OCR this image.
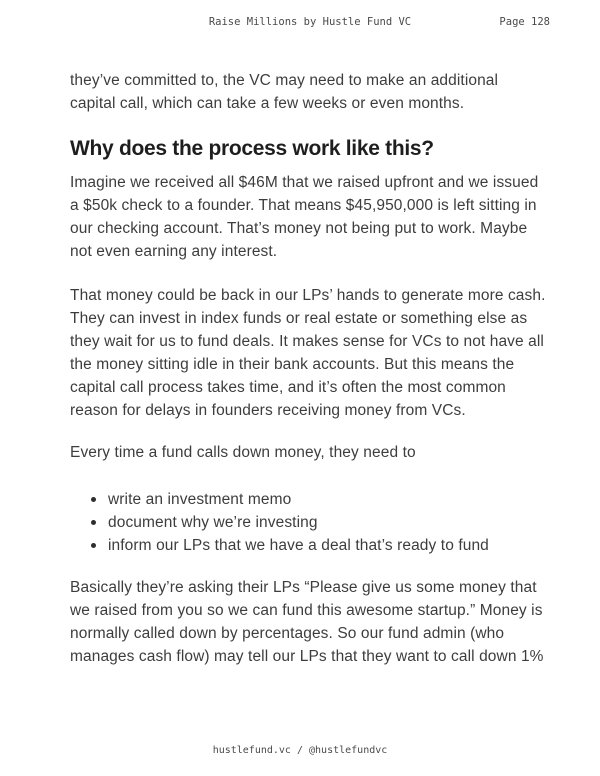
Raise Millions by Hustle Fund VC	Page 128

they’ve committed to, the VC may need to make an additional
capital call, which can take a few weeks or even months.

Why does the process work like this?

Imagine we received all $46M that we raised upfront and we issued
a $50k check to a founder. That means $45,950,000 is left sitting in
our checking account. That’s money not being put to work. Maybe
not even earning any interest.

That money could be back in our LPs’ hands to generate more cash.
They can invest in index funds or real estate or something else as
they wait for us to fund deals. It makes sense for VCs to not have all
the money sitting idle in their bank accounts. But this means the
capital call process takes time, and it’s often the most common
reason for delays in founders receiving money from VCs.

Every time a fund calls down money, they need to

write an investment memo
document why we’re investing
inform our LPs that we have a deal that’s ready to fund

Basically they’re asking their LPs “Please give us some money that
we raised from you so we can fund this awesome startup.” Money is
normally called down by percentages. So our fund admin (who
manages cash flow) may tell our LPs that they want to call down 1%

hustlefund.vc / @hustlefundvc
